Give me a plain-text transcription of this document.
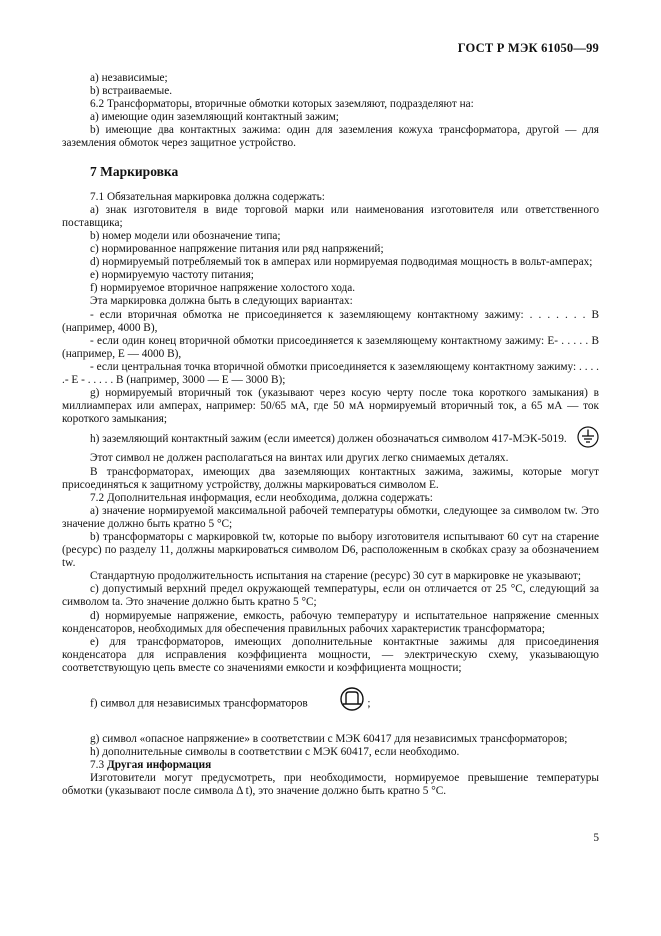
ГОСТ Р МЭК 61050—99

а) независимые;

b) встраиваемые.

6.2 Трансформаторы, вторичные обмотки которых заземляют, подразделяют на:

а) имеющие один заземляющий контактный зажим;

b) имеющие два контактных зажима: один для заземления кожуха трансформатора, другой — для заземления обмоток через защитное устройство.

7 Маркировка

7.1 Обязательная маркировка должна содержать:

а) знак изготовителя в виде торговой марки или наименования изготовителя или ответственного поставщика;

b) номер модели или обозначение типа;

с) нормированное напряжение питания или ряд напряжений;

d) нормируемый потребляемый ток в амперах или нормируемая подводимая мощность в вольт-амперах;

е) нормируемую частоту питания;

f) нормируемое вторичное напряжение холостого хода.

Эта маркировка должна быть в следующих вариантах:

- если вторичная обмотка не присоединяется к заземляющему контактному зажиму: . . . . . . . В (например, 4000 В),

- если один конец вторичной обмотки присоединяется к заземляющему контактному зажиму: Е- . . . . . В (например, Е — 4000 В),

- если центральная точка вторичной обмотки присоединяется к заземляющему контактному зажиму: . . . . .- Е - . . . . . В (например, 3000 — Е — 3000 В);

g) нормируемый вторичный ток (указывают через косую черту после тока короткого замыкания) в миллиамперах или амперах, например: 50/65 мА, где 50 мА нормируемый вторичный ток, а 65 мА — ток короткого замыкания;

h) заземляющий контактный зажим (если имеется) должен обозначаться символом 417-МЭК-5019.

Этот символ не должен располагаться на винтах или других легко снимаемых деталях.

В трансформаторах, имеющих два заземляющих контактных зажима, зажимы, которые могут присоединяться к защитному устройству, должны маркироваться символом Е.

7.2 Дополнительная информация, если необходима, должна содержать:

а) значение нормируемой максимальной рабочей температуры обмотки, следующее за символом tw. Это значение должно быть кратно 5 °С;

b) трансформаторы с маркировкой tw, которые по выбору изготовителя испытывают 60 сут на старение (ресурс) по разделу 11, должны маркироваться символом D6, расположенным в скобках сразу за обозначением tw.

Стандартную продолжительность испытания на старение (ресурс) 30 сут в маркировке не указывают;

с) допустимый верхний предел окружающей температуры, если он отличается от 25 °С, следующий за символом ta. Это значение должно быть кратно 5 °С;

d) нормируемые напряжение, емкость, рабочую температуру и испытательное напряжение сменных конденсаторов, необходимых для обеспечения правильных рабочих характеристик трансформатора;

е) для трансформаторов, имеющих дополнительные контактные зажимы для присоединения конденсатора для исправления коэффициента мощности, — электрическую схему, указывающую соответствующую цепь вместе со значениями емкости и коэффициента мощности;

f) символ для независимых трансформаторов	;

g) символ «опасное напряжение» в соответствии с МЭК 60417 для независимых трансформаторов;

h) дополнительные символы в соответствии с МЭК 60417, если необходимо.

7.3 Другая информация

Изготовители могут предусмотреть, при необходимости, нормируемое превышение температуры обмотки (указывают после символа Δ t), это значение должно быть кратно 5 °С.

5
